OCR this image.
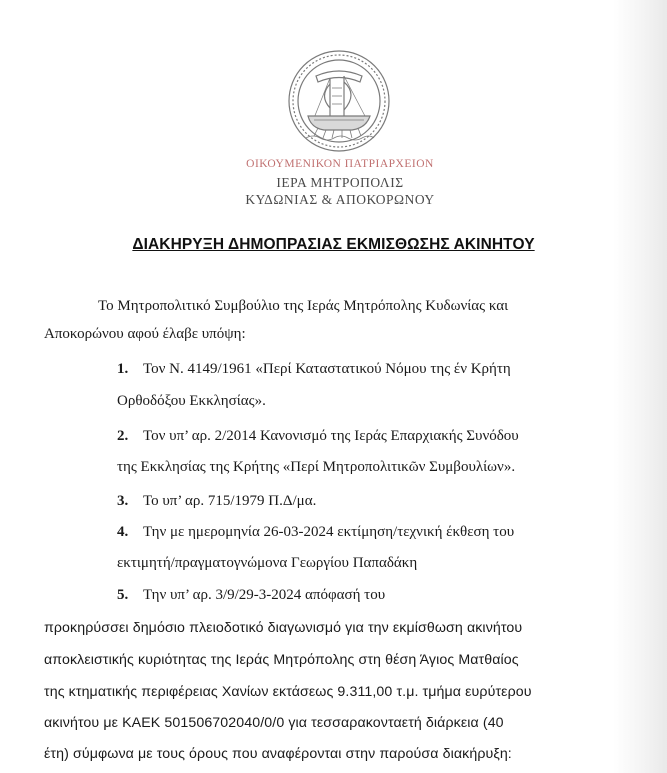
ΟΙΚΟΥΜΕΝΙΚΟΝ ΠΑΤΡΙΑΡΧΕΙΟΝ
ΙΕΡΑ ΜΗΤΡΟΠΟΛΙΣ
ΚΥΔΩΝΙΑΣ & ΑΠΟΚΟΡΩΝΟΥ
ΔΙΑΚΗΡΥΞΗ ΔΗΜΟΠΡΑΣΙΑΣ ΕΚΜΙΣΘΩΣΗΣ ΑΚΙΝΗΤΟΥ
Το Μητροπολιτικό Συμβούλιο της Ιεράς Μητρόπολης Κυδωνίας και
Αποκορώνου αφού έλαβε υπόψη:
1. Τον Ν. 4149/1961 «Περί Καταστατικού Νόμου της έν Κρήτη
Ορθοδόξου Εκκλησίας».
2. Τον υπ’ αρ. 2/2014 Κανονισμό της Ιεράς Επαρχιακής Συνόδου
της Εκκλησίας της Κρήτης «Περί Μητροπολιτικῶν Συμβουλίων».
3. Το υπ’ αρ. 715/1979 Π.Δ/μα.
4. Την με ημερομηνία 26-03-2024 εκτίμηση/τεχνική έκθεση του
εκτιμητή/πραγματογνώμονα Γεωργίου Παπαδάκη
5. Την υπ’ αρ. 3/9/29-3-2024 απόφασή του
προκηρύσσει δημόσιο πλειοδοτικό διαγωνισμό για την εκμίσθωση ακινήτου
αποκλειστικής κυριότητας της Ιεράς Μητρόπολης στη θέση Άγιος Ματθαίος
της κτηματικής περιφέρειας Χανίων εκτάσεως 9.311,00 τ.μ. τμήμα ευρύτερου
ακινήτου με ΚΑΕΚ 501506702040/0/0 για τεσσαρακονταετή διάρκεια (40
έτη) σύμφωνα με τους όρους που αναφέρονται στην παρούσα διακήρυξη:
